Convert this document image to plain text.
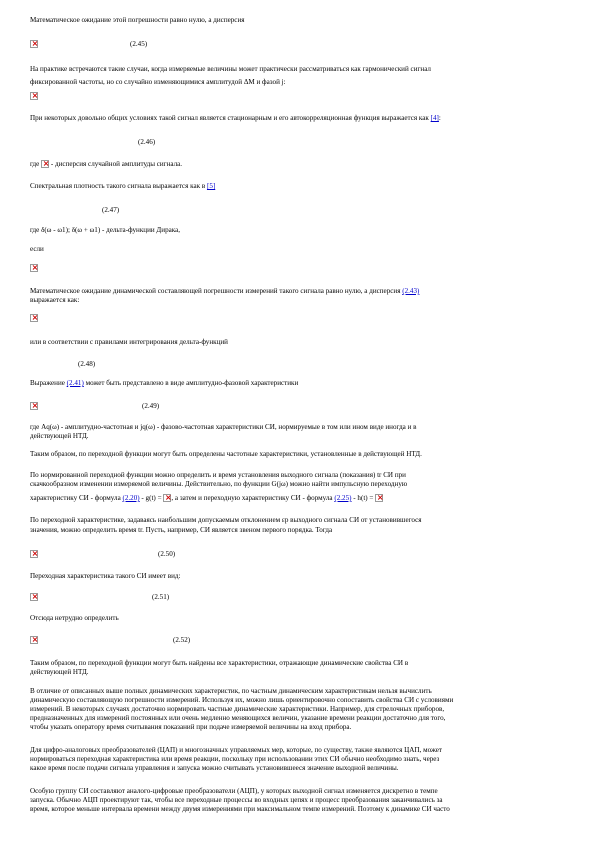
Математическое ожидание этой погрешности равно нулю, а дисперсия
×
(2.45)
На практике встречаются такие случаи, когда измеряемые величины может практически рассматриваться как гармонический сигнал
фиксированной частоты, но со случайно изменяющимися амплитудой ΔM и фазой j:
×
При некоторых довольно общих условиях такой сигнал является стационарным и его автокорреляционная функция выражается как [4]:
(2.46)
где × - дисперсия случайной амплитуды сигнала.
Спектральная плотность такого сигнала выражается как в [5]
(2.47)
где δ(ω - ω1); δ(ω + ω1) - дельта-функции Дирака,
если
×
Математическое ожидание динамической составляющей погрешности измерений такого сигнала равно нулю, а дисперсия (2.43)
выражается как:
×
или в соответствии с правилами интегрирования дельта-функций
(2.48)
Выражение (2.41) может быть представлено в виде амплитудно-фазовой характеристики
×
(2.49)
где Aq(ω) - амплитудно-частотная и jq(ω) - фазово-частотная характеристики СИ, нормируемые в том или ином виде иногда и в
действующей НТД.
Таким образом, по переходной функции могут быть определены частотные характеристики, установленные в действующей НТД.
По нормированной переходной функции можно определить и время установления выходного сигнала (показания) tr СИ при
скачкообразном изменении измеряемой величины. Действительно, по функции G(jω) можно найти импульсную переходную
характеристику СИ - формула (2.20) - g(t) = × , а затем и переходную характеристику СИ - формула (2.25) - h(t) = ×
По переходной характеристике, задаваясь наибольшим допускаемым отклонением εр выходного сигнала СИ от установившегося
значения, можно определить время tr. Пусть, например, СИ является звеном первого порядка. Тогда
×
(2.50)
Переходная характеристика такого СИ имеет вид:
×
(2.51)
Отсюда нетрудно определить
×
(2.52)
Таким образом, по переходной функции могут быть найдены все характеристики, отражающие динамические свойства СИ в
действующей НТД.
В отличие от описанных выше полных динамических характеристик, по частным динамическим характеристикам нельзя вычислить
динамическую составляющую погрешности измерений. Используя их, можно лишь ориентировочно сопоставить свойства СИ с условиями
измерений. В некоторых случаях достаточно нормировать частные динамические характеристики. Например, для стрелочных приборов,
предназначенных для измерений постоянных или очень медленно меняющихся величин, указание времени реакции достаточно для того,
чтобы указать оператору время считывания показаний при подаче измеряемой величины на вход прибора.
Для цифро-аналоговых преобразователей (ЦАП) и многозначных управляемых мер, которые, по существу, также являются ЦАП, может
нормироваться переходная характеристика или время реакции, поскольку при использовании этих СИ обычно необходимо знать, через
какое время после подачи сигнала управления и запуска можно считывать установившееся значение выходной величины.
Особую группу СИ составляют аналого-цифровые преобразователи (АЦП), у которых выходной сигнал изменяется дискретно в темпе
запуска. Обычно АЦП проектируют так, чтобы все переходные процессы во входных цепях и процесс преобразования заканчивались за
время, которое меньше интервала времени между двумя измерениями при максимальном темпе измерений. Поэтому к динамике СИ часто
